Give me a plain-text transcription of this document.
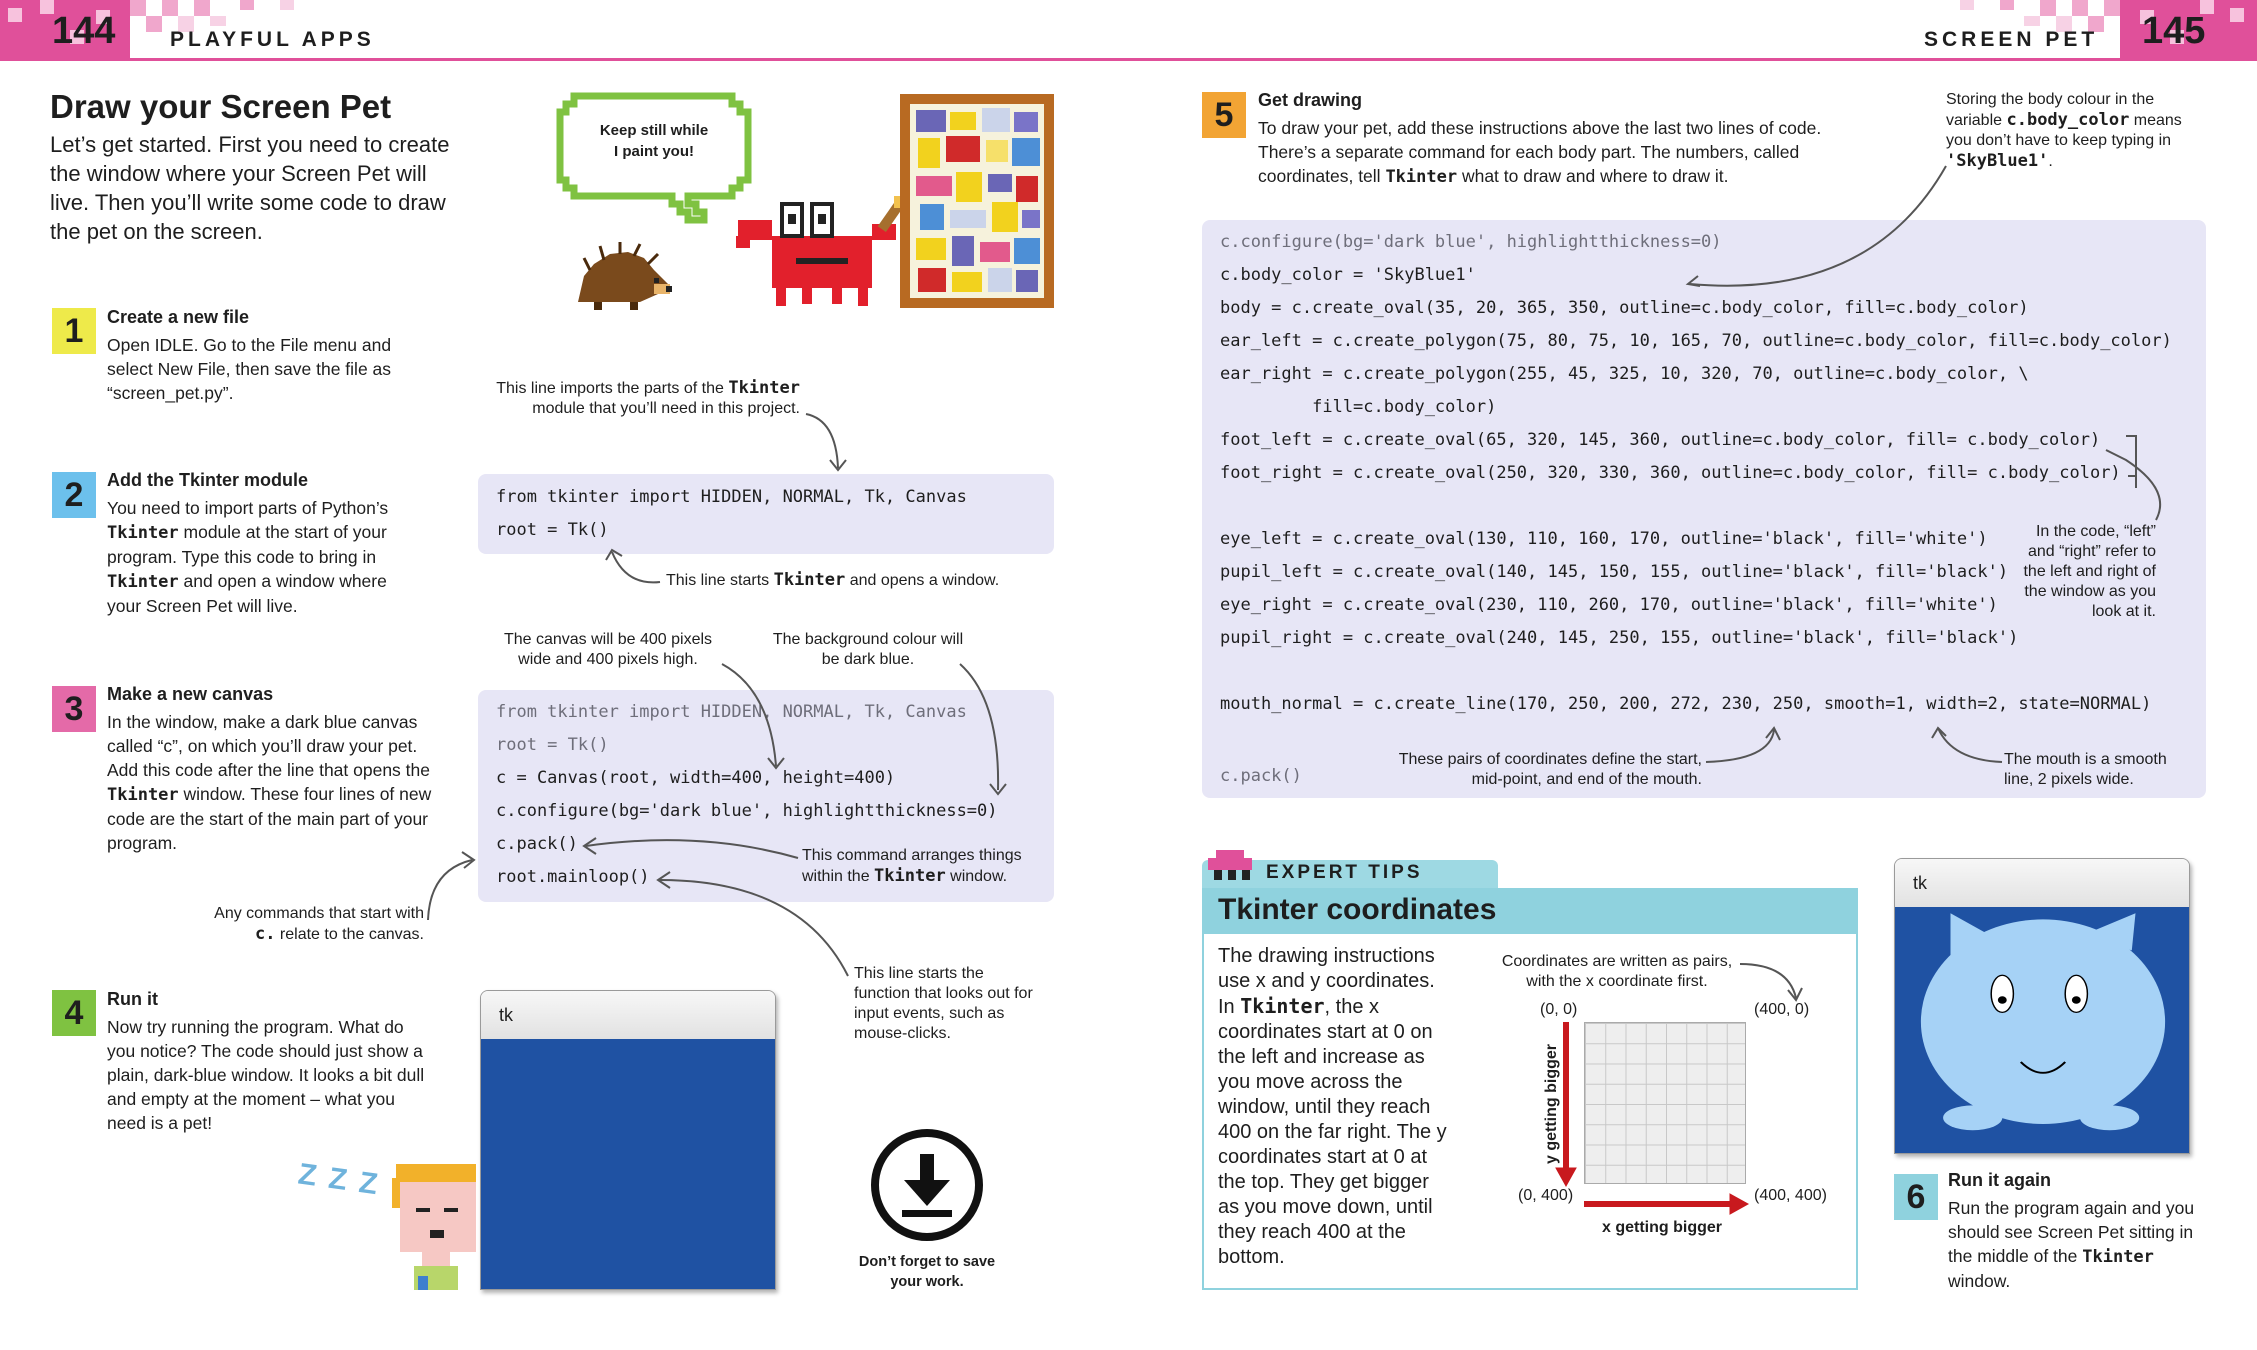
144	PLAYFUL APPS	SCREEN PET 145
Draw your Screen Pet

Let’s get started. First you need to create the window where your Screen Pet will live. Then you’ll write some code to draw the pet on the screen.

Keep still while I paint you!
1	Create a new file
Open IDLE. Go to the File menu and select New File, then save the file as “screen_pet.py”.
2	Add the Tkinter module
You need to import parts of Python’s Tkinter module at the start of your program. Type this code to bring in Tkinter and open a window where your Screen Pet will live.
3	Make a new canvas
In the window, make a dark blue canvas called “c”, on which you’ll draw your pet. Add this code after the line that opens the Tkinter window. These four lines of new code are the start of the main part of your program.
4	Run it
Now try running the program. What do you notice? The code should just show a plain, dark-blue window. It looks a bit dull and empty at the moment – what you need is a pet!
from tkinter import HIDDEN, NORMAL, Tk, Canvas
root = Tk()
This line imports the parts of the Tkinter module that you’ll need in this project.
This line starts Tkinter and opens a window.
from tkinter import HIDDEN, NORMAL, Tk, Canvas
root = Tk()
c = Canvas(root, width=400, height=400)
c.configure(bg='dark blue', highlightthickness=0)
c.pack()
root.mainloop()
The canvas will be 400 pixels wide and 400 pixels high.
The background colour will be dark blue.
This command arranges things within the Tkinter window.
Any commands that start with c. relate to the canvas.
This line starts the function that looks out for input events, such as mouse-clicks.
Z Z Z
tk
Don’t forget to save your work.
5	Get drawing
To draw your pet, add these instructions above the last two lines of code. There’s a separate command for each body part. The numbers, called coordinates, tell Tkinter what to draw and where to draw it.
Storing the body colour in the variable c.body_color means you don’t have to keep typing in 'SkyBlue1'.
c.configure(bg='dark blue', highlightthickness=0)
c.body_color = 'SkyBlue1'
body = c.create_oval(35, 20, 365, 350, outline=c.body_color, fill=c.body_color)
ear_left = c.create_polygon(75, 80, 75, 10, 165, 70, outline=c.body_color, fill=c.body_color)
ear_right = c.create_polygon(255, 45, 325, 10, 320, 70, outline=c.body_color, \
fill=c.body_color)
foot_left = c.create_oval(65, 320, 145, 360, outline=c.body_color, fill= c.body_color)
foot_right = c.create_oval(250, 320, 330, 360, outline=c.body_color, fill= c.body_color)
eye_left = c.create_oval(130, 110, 160, 170, outline='black', fill='white')
pupil_left = c.create_oval(140, 145, 150, 155, outline='black', fill='black')
eye_right = c.create_oval(230, 110, 260, 170, outline='black', fill='white')
pupil_right = c.create_oval(240, 145, 250, 155, outline='black', fill='black')
mouth_normal = c.create_line(170, 250, 200, 272, 230, 250, smooth=1, width=2, state=NORMAL)
c.pack()
In the code, “left” and “right” refer to the left and right of the window as you look at it.
These pairs of coordinates define the start, mid-point, and end of the mouth.
The mouth is a smooth line, 2 pixels wide.
EXPERT TIPS
Tkinter coordinates
The drawing instructions use x and y coordinates. In Tkinter, the x coordinates start at 0 on the left and increase as you move across the window, until they reach 400 on the far right. The y coordinates start at 0 at the top. They get bigger as you move down, until they reach 400 at the bottom.
Coordinates are written as pairs, with the x coordinate first.
(0, 0)	(400, 0)
(0, 400)	(400, 400)
x getting bigger
y getting bigger
tk
6	Run it again
Run the program again and you should see Screen Pet sitting in the middle of the Tkinter window.
